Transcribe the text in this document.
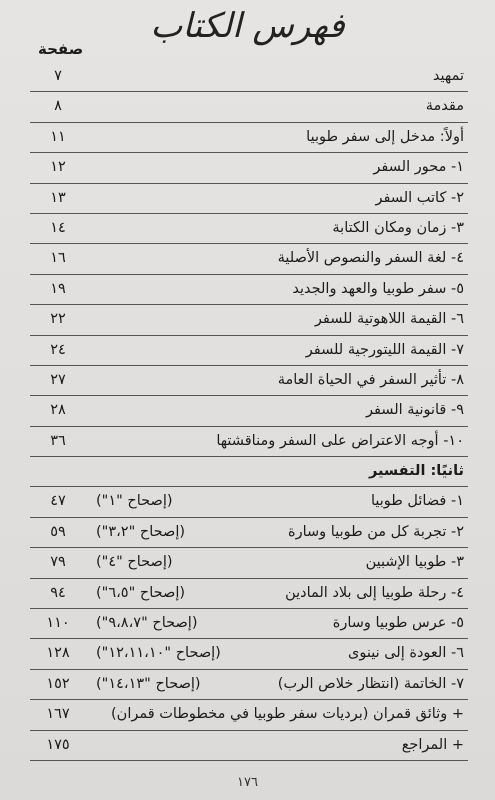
فهرس الكتاب
صفحة
تمهيد
٧
مقدمة
٨
أولاً: مدخل إلى سفر طوبيا
١١
١- محور السفر
١٢
٢- كاتب السفر
١٣
٣- زمان ومكان الكتابة
١٤
٤- لغة السفر والنصوص الأصلية
١٦
٥- سفر طوبيا والعهد والجديد
١٩
٦- القيمة اللاهوتية للسفر
٢٢
٧- القيمة الليتورجية للسفر
٢٤
٨- تأثير السفر في الحياة العامة
٢٧
٩- قانونية السفر
٢٨
١٠- أوجه الاعتراض على السفر ومناقشتها
٣٦
ثانيًا: التفسير
١- فضائل طوبيا
(إصحاح "١")
٤٧
٢- تجربة كل من طوبيا وسارة
(إصحاح "٣،٢")
٥٩
٣- طوبيا الإشبين
(إصحاح "٤")
٧٩
٤- رحلة طوبيا إلى بلاد المادين
(إصحاح "٦،٥")
٩٤
٥- عرس طوبيا وسارة
(إصحاح "٩،٨،٧")
١١٠
٦- العودة إلى نينوى
(إصحاح "١٢،١١،١٠")
١٢٨
٧- الخاتمة (انتظار خلاص الرب)
(إصحاح "١٤،١٣")
١٥٢
+ وثائق قمران (برديات سفر طوبيا في مخطوطات قمران)
١٦٧
+ المراجع
١٧٥
١٧٦
